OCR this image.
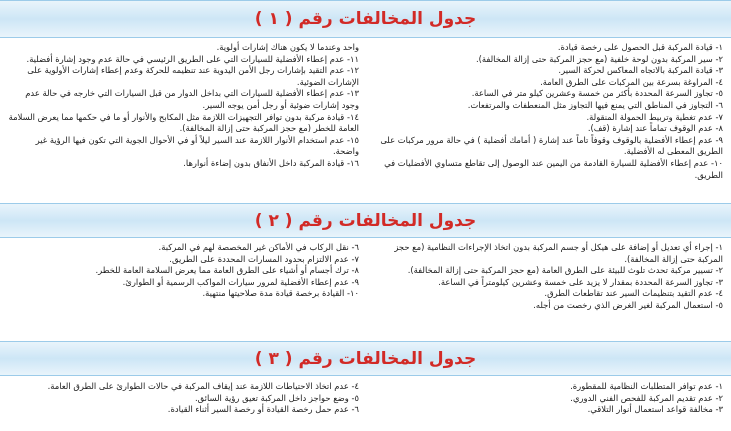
جدول المخالفات رقم ( ١ )

١- قيادة المركبة قبل الحصول على رخصة قيادة.

٢- سير المركبة بدون لوحة خلفية (مع حجز المركبة حتى إزالة المخالفة).

٣- قيادة المركبة بالاتجاه المعاكس لحركة السير.

٤- المراوغة بسرعة بين المركبات على الطرق العامة.

٥- تجاوز السرعة المحددة بأكثر من خمسة وعشرين كيلو متر في الساعة.

٦- التجاوز في المناطق التي يمنع فيها التجاوز مثل المنعطفات والمرتفعات.

٧- عدم تغطية وتربيط الحمولة المنقولة.

٨- عدم الوقوف تماماً عند إشارة (قف).

٩- عدم إعطاء الأفضلية بالوقوف وقوفاً تاماً عند إشارة ( أمامك أفضلية ) في حالة مرور مركبات على الطريق المعطى له الأفضلية.

١٠- عدم إعطاء الأفضلية للسيارة القادمة من اليمين عند الوصول إلى تقاطع متساوي الأفضليات في الطريق.

واحد وعندما لا يكون هناك إشارات أولوية.

١١- عدم إعطاء الأفضلية للسيارات التي على الطريق الرئيسي في حالة عدم وجود إشارة أفضلية.

١٢- عدم التقيد بإشارات رجل الأمن اليدوية عند تنظيمه للحركة وعدم إعطاء إشارات الأولوية على الإشارات الضوئية.

١٣- عدم إعطاء الأفضلية للسيارات التي بداخل الدوار من قبل السيارات التي خارجه في حالة عدم وجود إشارات ضوئية أو رجل أمن يوجه السير.

١٤- قيادة مركبة بدون توافر التجهيزات اللازمة مثل المكابح والأنوار أو ما في حكمها مما يعرض السلامة العامة للخطر (مع حجز المركبة حتى إزالة المخالفة).

١٥- عدم استخدام الأنوار اللازمة عند السير ليلاً أو في الأحوال الجوية التي تكون فيها الرؤية غير واضحة.

١٦- قيادة المركبة داخل الأنفاق بدون إضاءة أنوارها.

جدول المخالفات رقم ( ٢ )

١- إجراء أي تعديل أو إضافة على هيكل أو جسم المركبة بدون اتخاذ الإجراءات النظامية (مع حجز المركبة حتى إزالة المخالفة).

٢- تسيير مركبة تحدث تلوث للبيئة على الطرق العامة (مع حجز المركبة حتى إزالة المخالفة).

٣- تجاوز السرعة المحددة بمقدار لا يزيد على خمسة وعشرين كيلومتراً في الساعة.

٤- عدم التقيد بتنظيمات السير عند تقاطعات الطرق.

٥- استعمال المركبة لغير الغرض الذي رخصت من أجله.

٦- نقل الركاب في الأماكن غير المخصصة لهم في المركبة.

٧- عدم الالتزام بحدود المسارات المحددة على الطريق.

٨- ترك أجسام أو أشياء على الطرق العامة مما يعرض السلامة العامة للخطر.

٩- عدم إعطاء الأفضلية لمرور سيارات المواكب الرسمية أو الطوارئ.

١٠- القيادة برخصة قيادة مدة صلاحيتها منتهية.

جدول المخالفات رقم ( ٣ )

١- عدم توافر المتطلبات النظامية للمقطورة.

٢- عدم تقديم المركبة للفحص الفني الدوري.

٣- مخالفة قواعد استعمال أنوار التلاقي.

٤- عدم اتخاذ الاحتياطات اللازمة عند إيقاف المركبة في حالات الطوارئ على الطرق العامة.

٥- وضع حواجز داخل المركبة تعيق رؤية السائق.

٦- عدم حمل رخصة القيادة أو رخصة السير أثناء القيادة.
